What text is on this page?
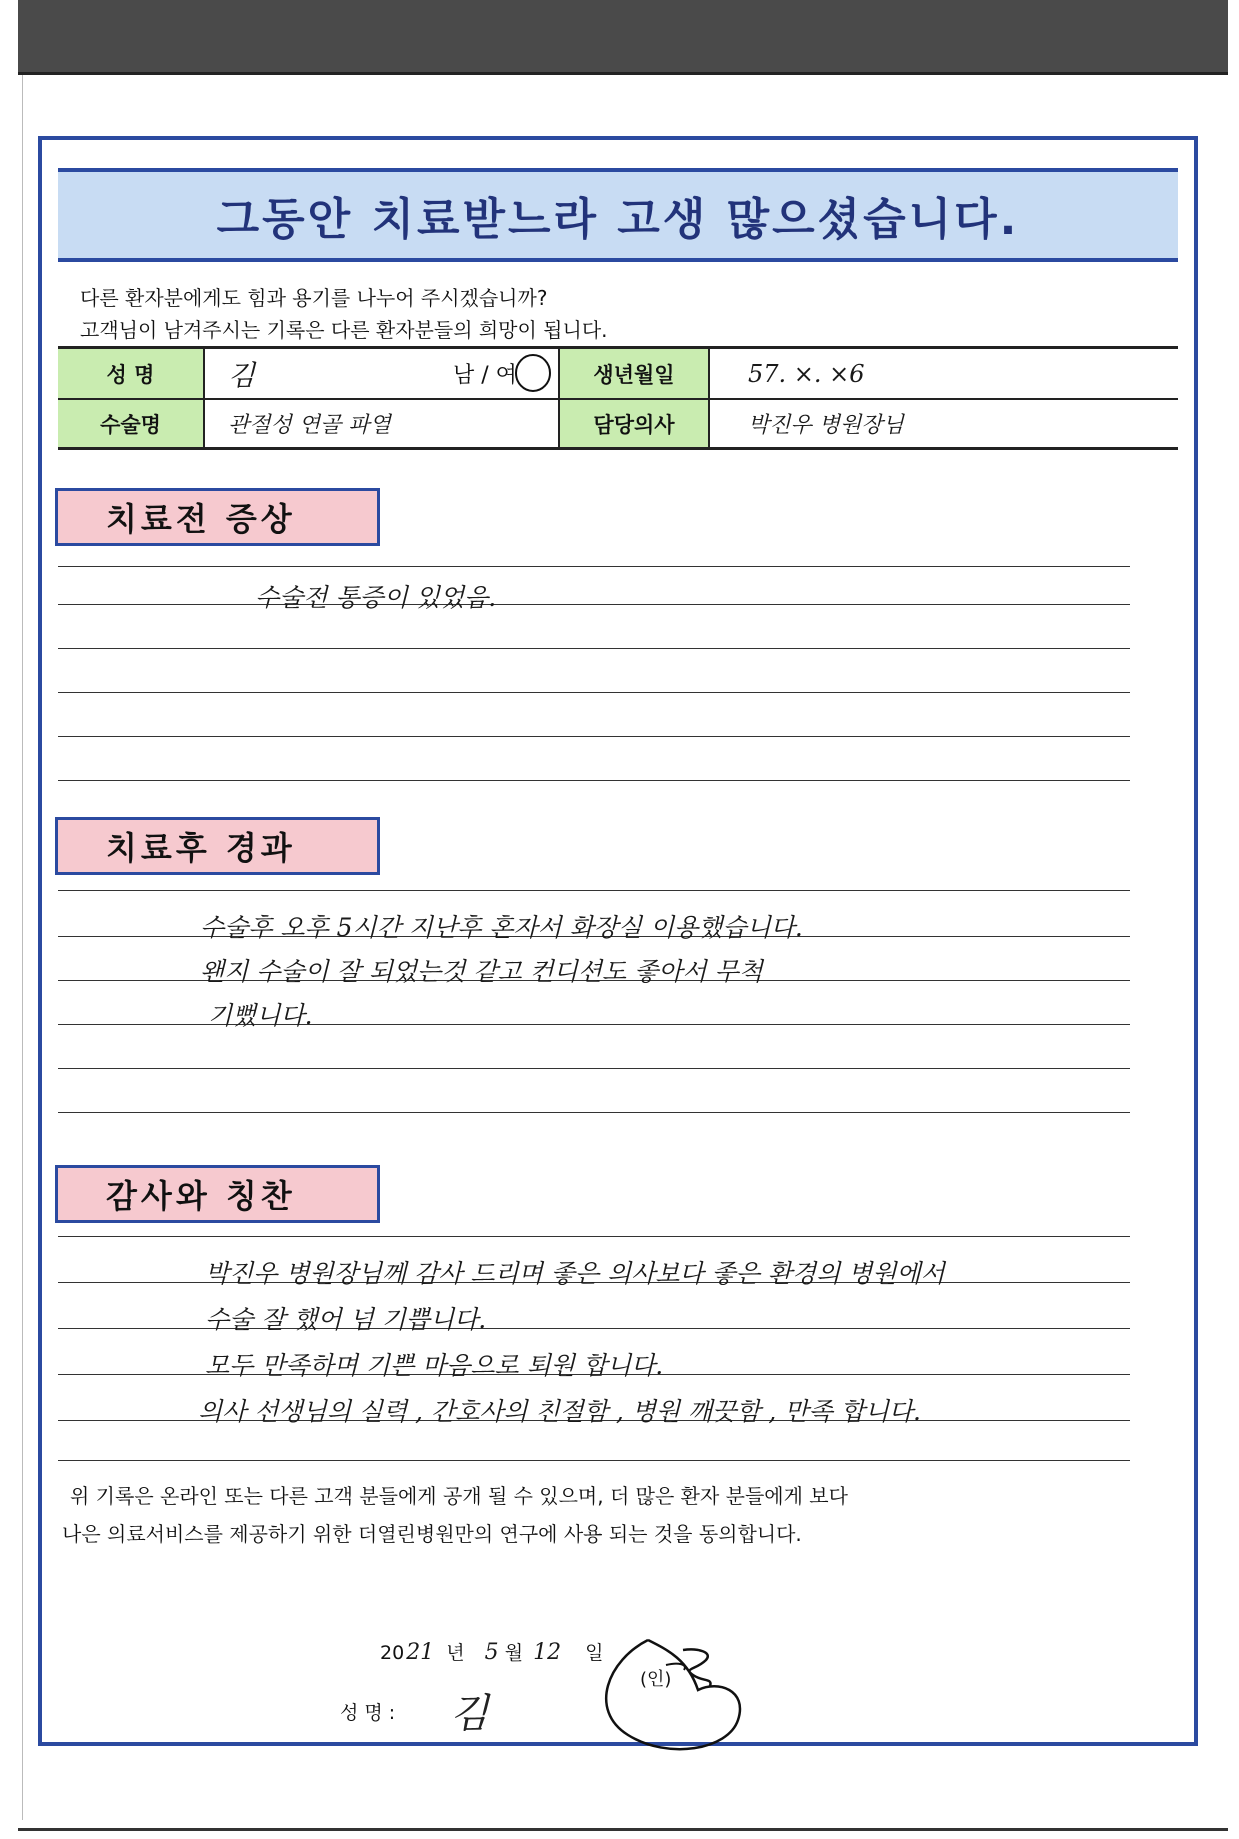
그동안 치료받느라 고생 많으셨습니다.
다른 환자분에게도 힘과 용기를 나누어 주시겠습니까?
고객님이 남겨주시는 기록은 다른 환자분들의 희망이 됩니다.
성 명	김	남 / 여	생년월일	57. ×. ×6
수술명	관절성 연골 파열	담당의사	박진우 병원장님
치료전 증상
수술전 통증이 있었음.
치료후 경과
수술후 오후 5시간 지난후 혼자서 화장실 이용했습니다.
왠지 수술이 잘 되었는것 같고 컨디션도 좋아서 무척
기뻤니다.
감사와 칭찬
박진우 병원장님께 감사 드리며 좋은 의사보다 좋은 환경의 병원에서
수술 잘 했어 넘 기쁩니다.
모두 만족하며 기쁜 마음으로 퇴원 합니다.
의사 선생님의 실력 , 간호사의 친절함 , 병원 깨끗함 , 만족 합니다.
위 기록은 온라인 또는 다른 고객 분들에게 공개 될 수 있으며, 더 많은 환자 분들에게 보다
나은 의료서비스를 제공하기 위한 더열린병원만의 연구에 사용 되는 것을 동의합니다.
2021 년 5 월 12 일
성 명 : 김
(인)
